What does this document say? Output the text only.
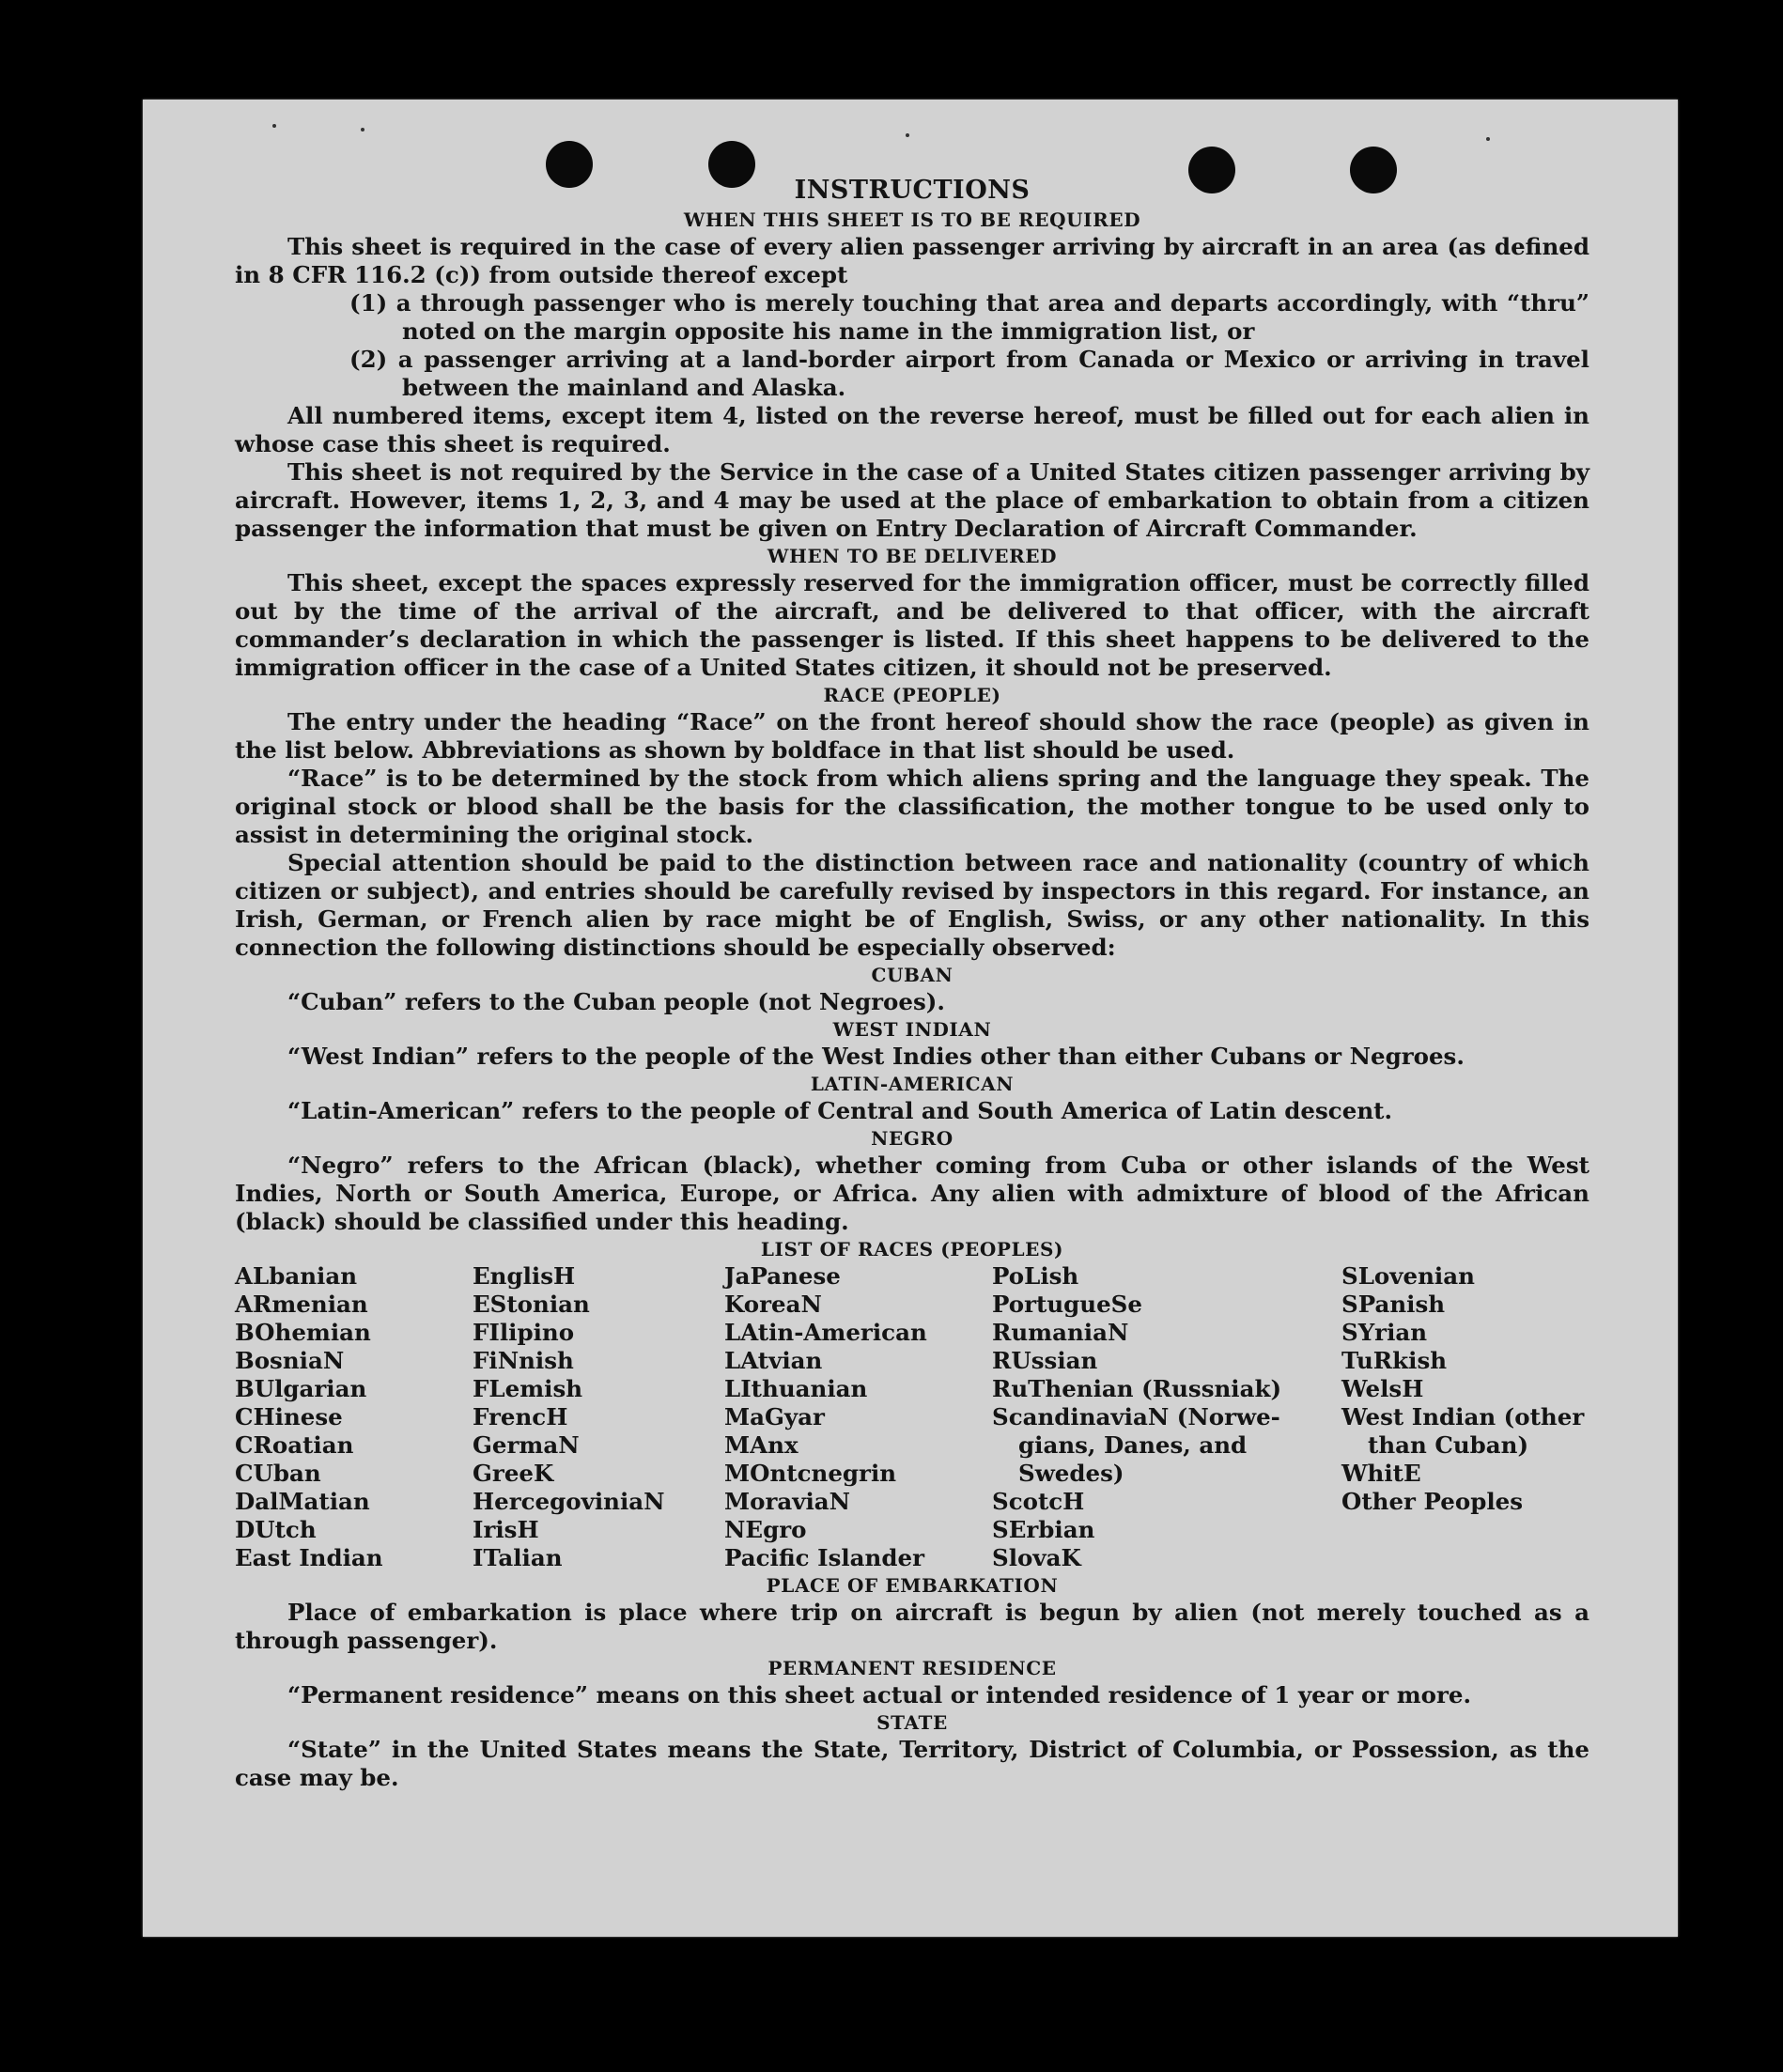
INSTRUCTIONS
WHEN THIS SHEET IS TO BE REQUIRED

This sheet is required in the case of every alien passenger arriving by aircraft in an area (as defined in 8 CFR 116.2 (c)) from outside thereof except

(1) a through passenger who is merely touching that area and departs accordingly, with “thru” noted on the margin opposite his name in the immigration list, or

(2) a passenger arriving at a land-border airport from Canada or Mexico or arriving in travel between the mainland and Alaska.

All numbered items, except item 4, listed on the reverse hereof, must be filled out for each alien in whose case this sheet is required.

This sheet is not required by the Service in the case of a United States citizen passenger arriving by aircraft. However, items 1, 2, 3, and 4 may be used at the place of embarkation to obtain from a citizen passenger the information that must be given on Entry Declaration of Aircraft Commander.

WHEN TO BE DELIVERED

This sheet, except the spaces expressly reserved for the immigration officer, must be correctly filled out by the time of the arrival of the aircraft, and be delivered to that officer, with the aircraft commander’s declaration in which the passenger is listed. If this sheet happens to be delivered to the immigration officer in the case of a United States citizen, it should not be preserved.

RACE (PEOPLE)

The entry under the heading “Race” on the front hereof should show the race (people) as given in the list below. Abbreviations as shown by boldface in that list should be used.

“Race” is to be determined by the stock from which aliens spring and the language they speak. The original stock or blood shall be the basis for the classification, the mother tongue to be used only to assist in determining the original stock.

Special attention should be paid to the distinction between race and nationality (country of which citizen or subject), and entries should be carefully revised by inspectors in this regard. For instance, an Irish, German, or French alien by race might be of English, Swiss, or any other nationality. In this connection the following distinctions should be especially observed:

CUBAN

“Cuban” refers to the Cuban people (not Negroes).

WEST INDIAN

“West Indian” refers to the people of the West Indies other than either Cubans or Negroes.

LATIN-AMERICAN

“Latin-American” refers to the people of Central and South America of Latin descent.

NEGRO

“Negro” refers to the African (black), whether coming from Cuba or other islands of the West Indies, North or South America, Europe, or Africa. Any alien with admixture of blood of the African (black) should be classified under this heading.

LIST OF RACES (PEOPLES)
ALbanian
ARmenian
BOhemian
BosniaN
BUlgarian
CHinese
CRoatian
CUban
DalMatian
DUtch
East Indian
EnglisH
EStonian
FIlipino
FiNnish
FLemish
FrencH
GermaN
GreeK
HercegoviniaN
IrisH
ITalian
JaPanese
KoreaN
LAtin-American
LAtvian
LIthuanian
MaGyar
MAnx
MOntcnegrin
MoraviaN
NEgro
Pacific Islander
PoLish
PortugueSe
RumaniaN
RUssian
RuThenian (Russniak)
ScandinaviaN (Norwe-
gians, Danes, and
Swedes)
ScotcH
SErbian
SlovaK
SLovenian
SPanish
SYrian
TuRkish
WelsH
West Indian (other
than Cuban)
WhitE
Other Peoples
PLACE OF EMBARKATION

Place of embarkation is place where trip on aircraft is begun by alien (not merely touched as a through passenger).

PERMANENT RESIDENCE

“Permanent residence” means on this sheet actual or intended residence of 1 year or more.

STATE

“State” in the United States means the State, Territory, District of Columbia, or Possession, as the case may be.
